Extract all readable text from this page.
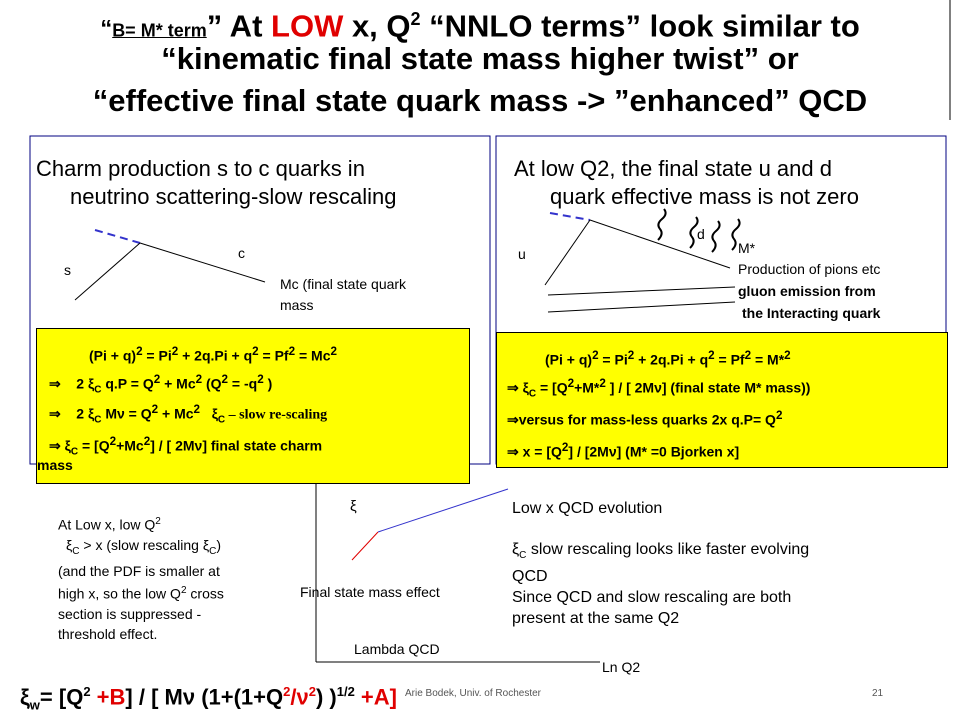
“B= M* term” At LOW x, $Q^2$ “NNLO terms” look similar to
“kinematic final state mass higher twist” or
“effective final state quark mass -> ”enhanced” QCD
Charm production s to c quarks in
neutrino scattering-slow rescaling
c
s
Mc (final state quark
mass
At low Q2, the final state u and d
quark effective mass is not zero
u
d
M*
Production of pions etc
gluon emission from
the Interacting quark
$(Pi + q)^2 = Pi^2 + 2q.Pi + q^2 = Pf^2 = Mc^2$
⇒ 2 $\xi_C$ $q.P = Q^2 + Mc^2$ ($Q^2 = -q^2$ )
⇒ 2 $\xi_C$ $M\nu = Q^2 + Mc^2$ $\xi_C$ – slow re-scaling
⇒ $\xi_C = [Q^2+Mc^2]$ / [ 2Mν] final state charm
mass
$(Pi + q)^2 = Pi^2 + 2q.Pi + q^2 = Pf^2 = M*^2$
⇒ $\xi_C = [Q^2+M*^2$ ] / [ 2Mν] (final state M* mass))
⇒versus for mass-less quarks 2x $q.P= Q^2$
⇒ $x = [Q^2] / [2M\nu]$ (M* =0 Bjorken x]
At Low x, low $Q^2$
$\xi_C > x$ (slow rescaling $\xi_C$)
(and the PDF is smaller at
high x, so the low $Q^2$ cross
section is suppressed -
threshold effect.
ξ
Final state mass effect
Lambda QCD
Ln Q2
Low x QCD evolution
$\xi_C$ slow rescaling looks like faster evolving
QCD
Since QCD and slow rescaling are both
present at the same Q2
$\xi_w= [Q^2 +B]$ / [ Mν ($1+(1+Q^2/\nu^2)$ )$^{1/2}$ +A] Arie Bodek, Univ. of Rochester	21
